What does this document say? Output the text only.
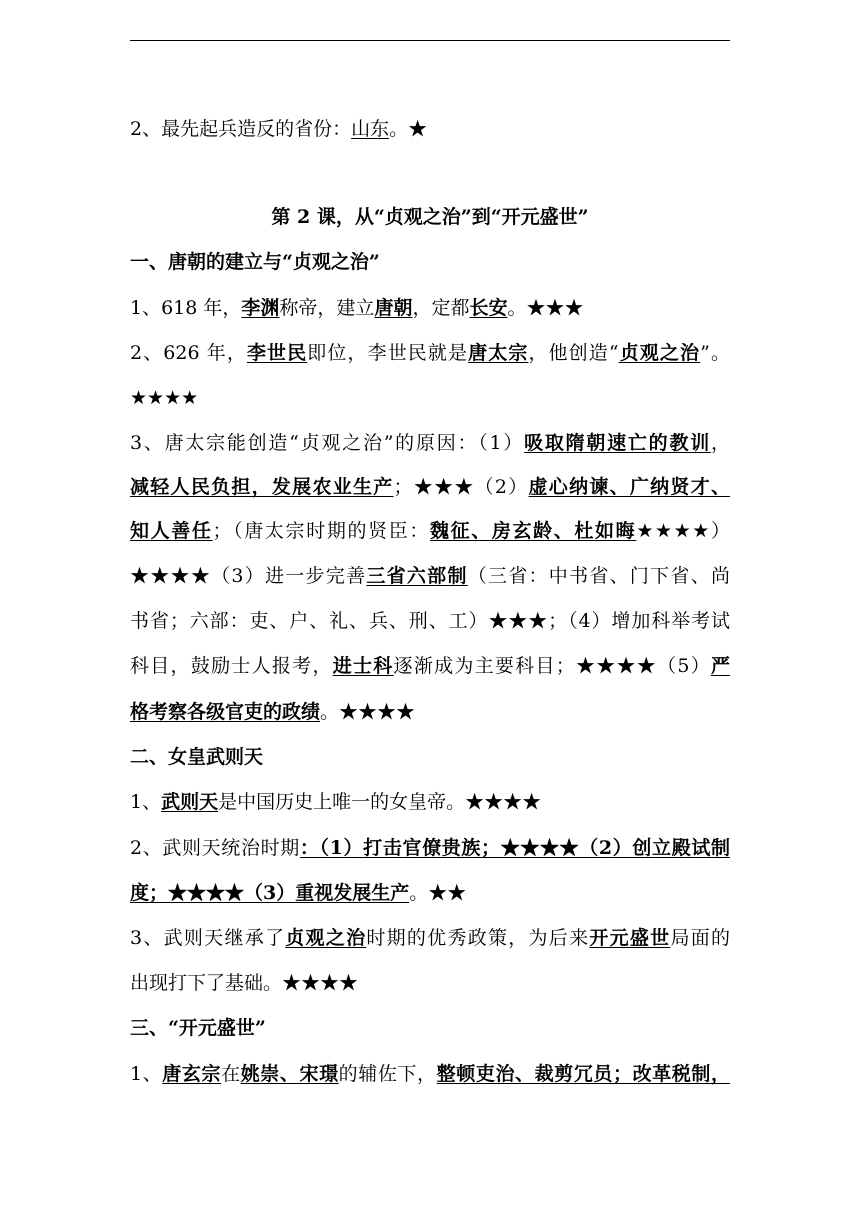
2、最先起兵造反的省份：山东。★
第 2 课，从“贞观之治”到“开元盛世”
一、唐朝的建立与“贞观之治”
1、618 年，李渊称帝，建立唐朝，定都长安。★★★
2、626 年，李世民即位，李世民就是唐太宗，他创造“贞观之治”。
★★★★
3、唐太宗能创造“贞观之治”的原因：（1）吸取隋朝速亡的教训，
减轻人民负担，发展农业生产；★★★（2）虚心纳谏、广纳贤才、
知人善任；（唐太宗时期的贤臣：魏征、房玄龄、杜如晦★★★★）
★★★★（3）进一步完善三省六部制（三省：中书省、门下省、尚
书省；六部：吏、户、礼、兵、刑、工）★★★；（4）增加科举考试
科目，鼓励士人报考，进士科逐渐成为主要科目；★★★★（5）严
格考察各级官吏的政绩。★★★★
二、女皇武则天
1、武则天是中国历史上唯一的女皇帝。★★★★
2、武则天统治时期：（1）打击官僚贵族；★★★★（2）创立殿试制
度；★★★★（3）重视发展生产。★★
3、武则天继承了贞观之治时期的优秀政策，为后来开元盛世局面的
出现打下了基础。★★★★
三、“开元盛世”
1、唐玄宗在姚崇、宋璟的辅佐下，整顿吏治、裁剪冗员；改革税制，
